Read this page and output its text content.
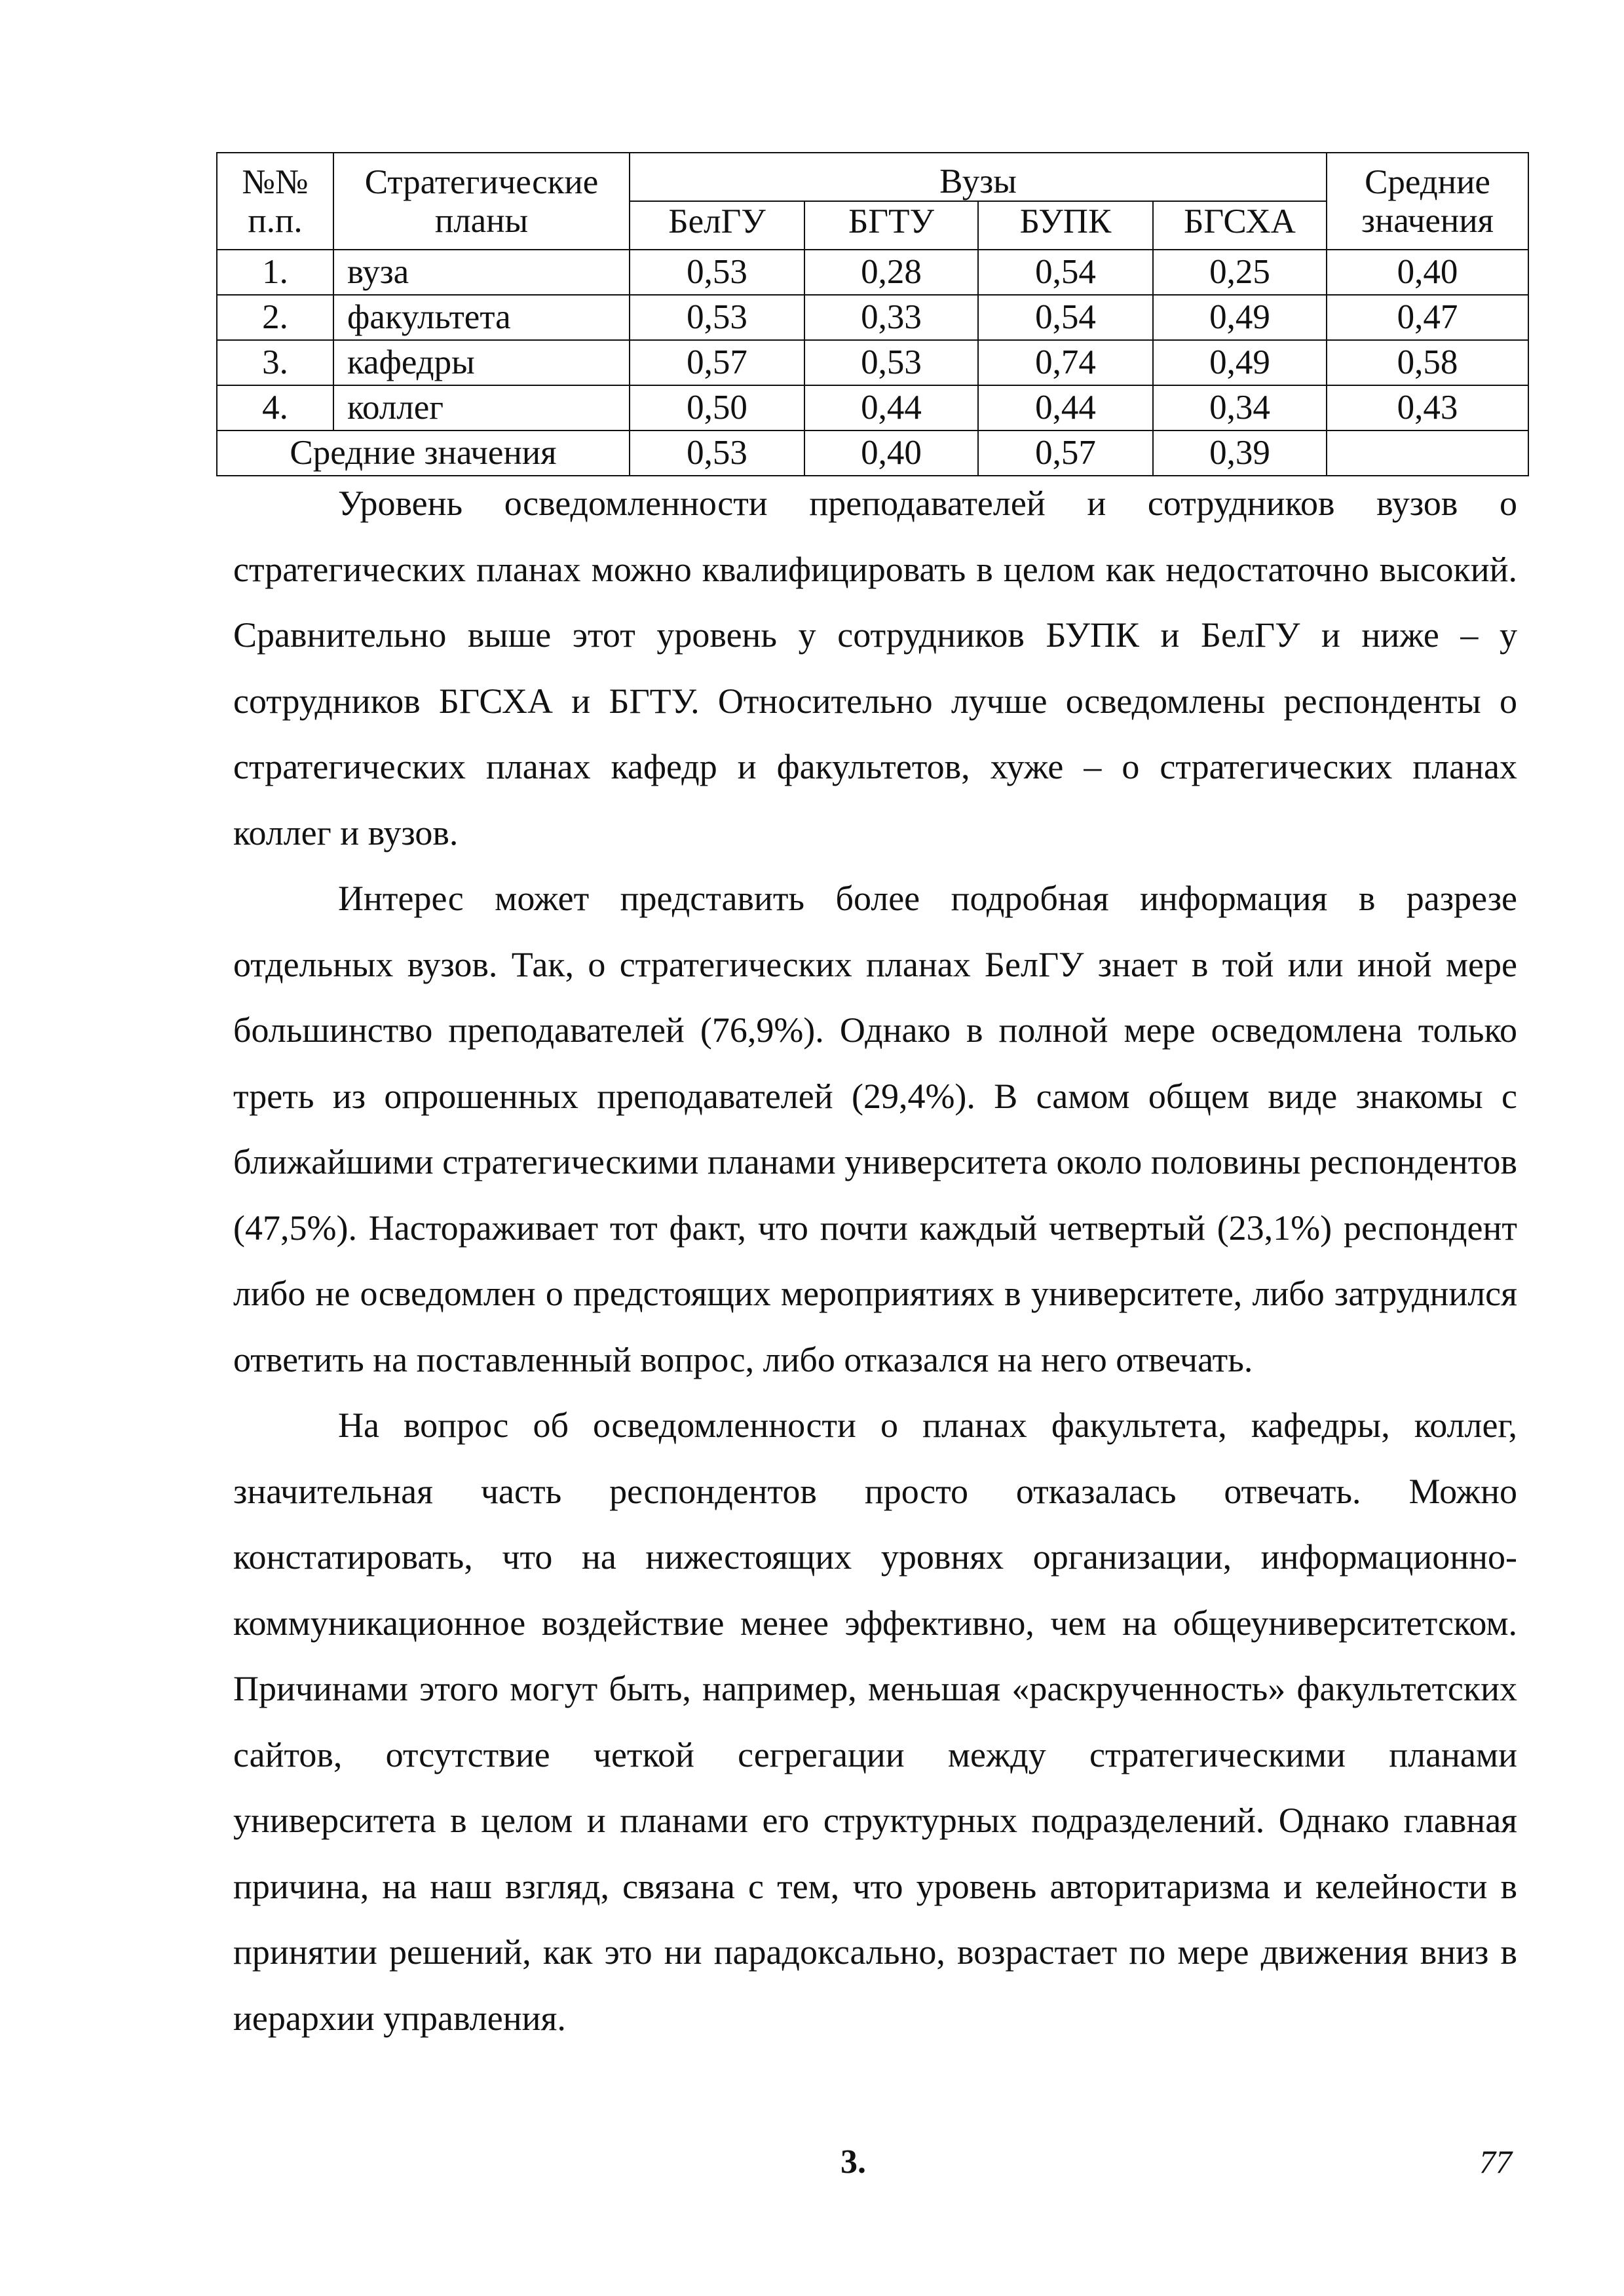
№№	Стратегические	Вузы				Средние
п.п.	планы	БелГУ	БГТУ	БУПК	БГСХА	значения
1.	вуза	0,53	0,28	0,54	0,25	0,40
2.	факультета	0,53	0,33	0,54	0,49	0,47
3.	кафедры	0,57	0,53	0,74	0,49	0,58
4.	коллег	0,50	0,44	0,44	0,34	0,43
Средние значения		0,53	0,40	0,57	0,39	

Уровень осведомленности преподавателей и сотрудников вузов о стратегических планах можно квалифицировать в целом как недостаточно высокий. Сравнительно выше этот уровень у сотрудников БУПК и БелГУ и ниже – у сотрудников БГСХА и БГТУ. Относительно лучше осведомлены респонденты о стратегических планах кафедр и факультетов, хуже – о стратегических планах коллег и вузов.

Интерес может представить более подробная информация в разрезе отдельных вузов. Так, о стратегических планах БелГУ знает в той или иной мере большинство преподавателей (76,9%). Однако в полной мере осведомлена только треть из опрошенных преподавателей (29,4%). В самом общем виде знакомы с ближайшими стратегическими планами университета около половины респондентов (47,5%). Настораживает тот факт, что почти каждый четвертый (23,1%) респондент либо не осведомлен о предстоящих мероприятиях в университете, либо затруднился ответить на поставленный вопрос, либо отказался на него отвечать.

На вопрос об осведомленности о планах факультета, кафедры, коллег, значительная часть респондентов просто отказалась отвечать. Можно констатировать, что на нижестоящих уровнях организации, информационно-коммуникационное воздействие менее эффективно, чем на общеуниверситетском. Причинами этого могут быть, например, меньшая «раскрученность» факультетских сайтов, отсутствие четкой сегрегации между стратегическими планами университета в целом и планами его структурных подразделений. Однако главная причина, на наш взгляд, связана с тем, что уровень авторитаризма и келейности в принятии решений, как это ни парадоксально, возрастает по мере движения вниз в иерархии управления.

3.	77
